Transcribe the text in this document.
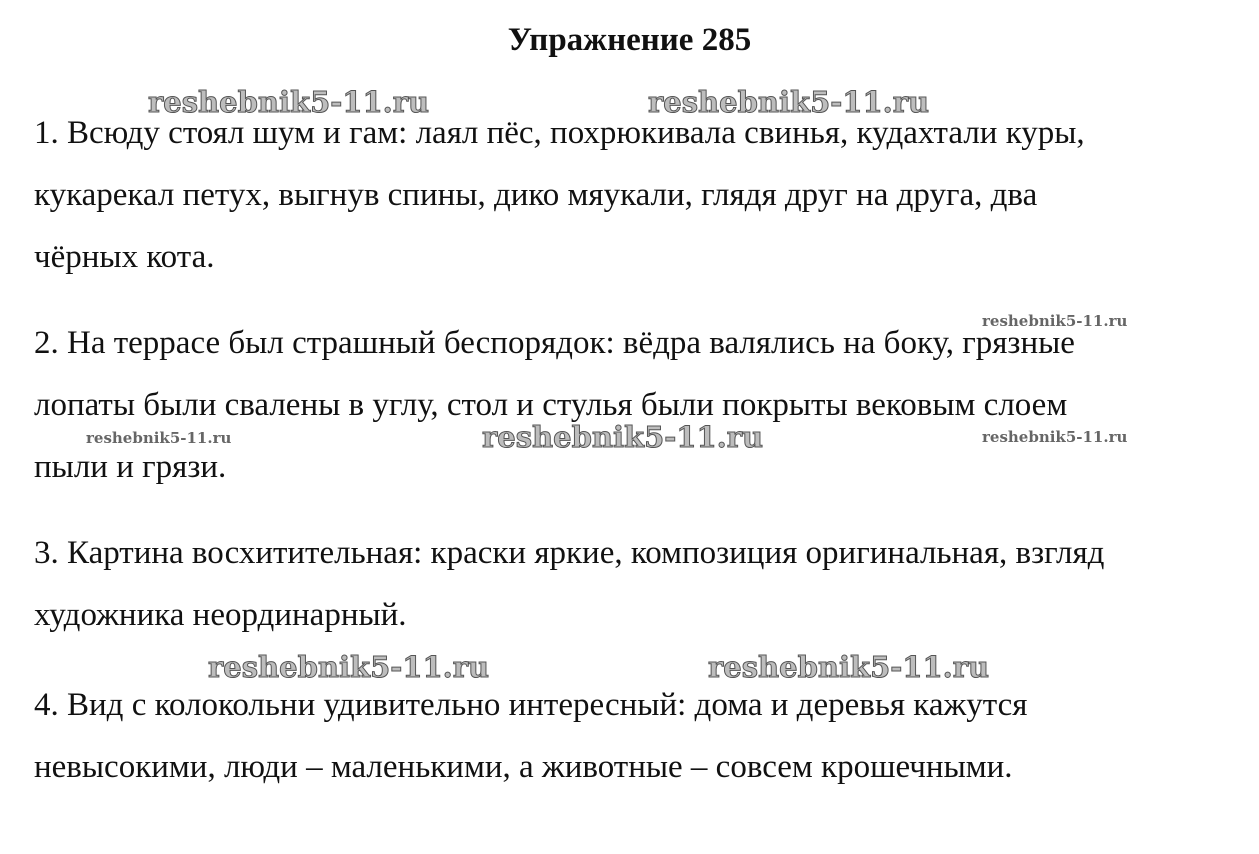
Упражнение 285
1. Всюду стоял шум и гам: лаял пёс, похрюкивала свинья, кудахтали куры,
кукарекал петух, выгнув спины, дико мяукали, глядя друг на друга, два
чёрных кота.
2. На террасе был страшный беспорядок: вёдра валялись на боку, грязные
лопаты были свалены в углу, стол и стулья были покрыты вековым слоем
пыли и грязи.
3. Картина восхитительная: краски яркие, композиция оригинальная, взгляд
художника неординарный.
4. Вид с колокольни удивительно интересный: дома и деревья кажутся
невысокими, люди – маленькими, а животные – совсем крошечными.
reshebnik5-11.ru	reshebnik5-11.ru
reshebnik5-11.ru
reshebnik5-11.ru	reshebnik5-11.ru	reshebnik5-11.ru
reshebnik5-11.ru	reshebnik5-11.ru
